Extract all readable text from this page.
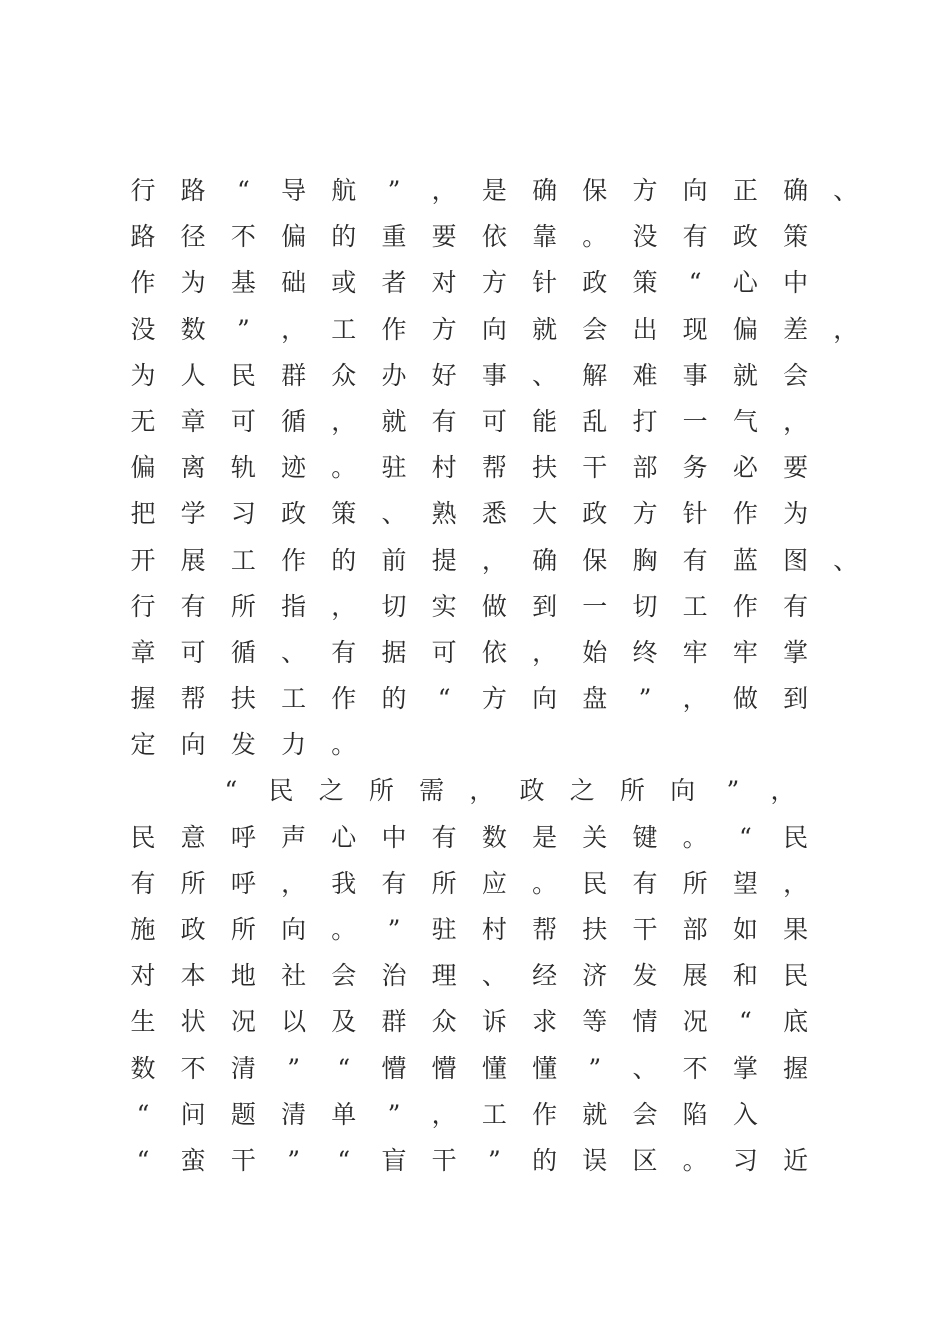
行 路	“	导 航	”	， 是 确 保 方 向 正 确 、
路 径 不 偏 的 重 要 依 靠 。 没 有 政 策
作 为 基 础 或 者 对 方 针 政 策	“	心 中
没 数	”	， 工 作 方 向 就 会 出 现 偏 差 ，
为 人 民 群 众 办 好 事 、 解 难 事 就 会
无 章 可 循 ， 就 有 可 能 乱 打 一 气 ，
偏 离 轨 迹 。 驻 村 帮 扶 干 部 务 必 要
把 学 习 政 策 、 熟 悉 大 政 方 针 作 为
开 展 工 作 的 前 提 ， 确 保 胸 有 蓝 图 、
行 有 所 指 ， 切 实 做 到 一 切 工 作 有
章 可 循 、 有 据 可 依 ， 始 终 牢 牢 掌
握 帮 扶 工 作 的	“	方 向 盘	”	， 做 到
定 向 发 力 。
“	民 之 所 需 ， 政 之 所 向	”	，
民 意 呼 声 心 中 有 数 是 关 键 。	“	民
有 所 呼 ， 我 有 所 应 。 民 有 所 望 ，
施 政 所 向 。	”	驻 村 帮 扶 干 部 如 果
对 本 地 社 会 治 理 、 经 济 发 展 和 民
生 状 况 以 及 群 众 诉 求 等 情 况	“	底
数 不 清	”	“	懵 懵 懂 懂	”	、 不 掌 握
“	问 题 清 单	”	， 工 作 就 会 陷 入
“	蛮 干	”	“	盲 干	”	的 误 区 。 习 近
